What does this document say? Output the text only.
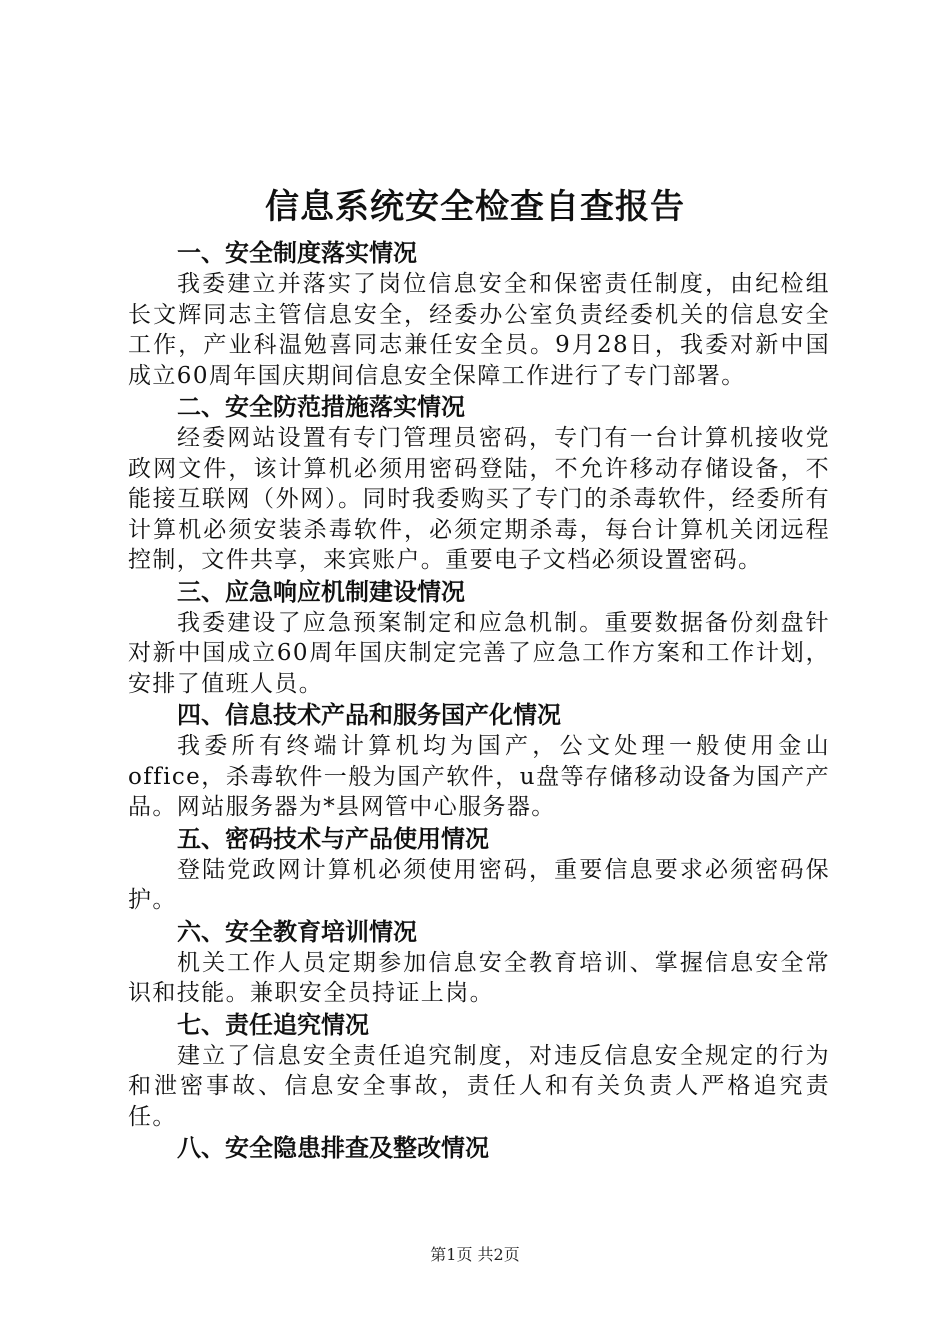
信息系统安全检查自查报告
一、安全制度落实情况

我委建立并落实了岗位信息安全和保密责任制度，由纪检组长文辉同志主管信息安全，经委办公室负责经委机关的信息安全工作，产业科温勉喜同志兼任安全员。9月28日，我委对新中国成立60周年国庆期间信息安全保障工作进行了专门部署。

二、安全防范措施落实情况

经委网站设置有专门管理员密码，专门有一台计算机接收党政网文件，该计算机必须用密码登陆，不允许移动存储设备，不能接互联网（外网）。同时我委购买了专门的杀毒软件，经委所有计算机必须安装杀毒软件，必须定期杀毒，每台计算机关闭远程控制，文件共享，来宾账户。重要电子文档必须设置密码。

三、应急响应机制建设情况

我委建设了应急预案制定和应急机制。重要数据备份刻盘针对新中国成立60周年国庆制定完善了应急工作方案和工作计划，安排了值班人员。

四、信息技术产品和服务国产化情况

我委所有终端计算机均为国产，公文处理一般使用金山office，杀毒软件一般为国产软件，u盘等存储移动设备为国产产品。网站服务器为*县网管中心服务器。

五、密码技术与产品使用情况

登陆党政网计算机必须使用密码，重要信息要求必须密码保护。

六、安全教育培训情况

机关工作人员定期参加信息安全教育培训、掌握信息安全常识和技能。兼职安全员持证上岗。

七、责任追究情况

建立了信息安全责任追究制度，对违反信息安全规定的行为和泄密事故、信息安全事故，责任人和有关负责人严格追究责任。

八、安全隐患排查及整改情况
第1页 共2页
